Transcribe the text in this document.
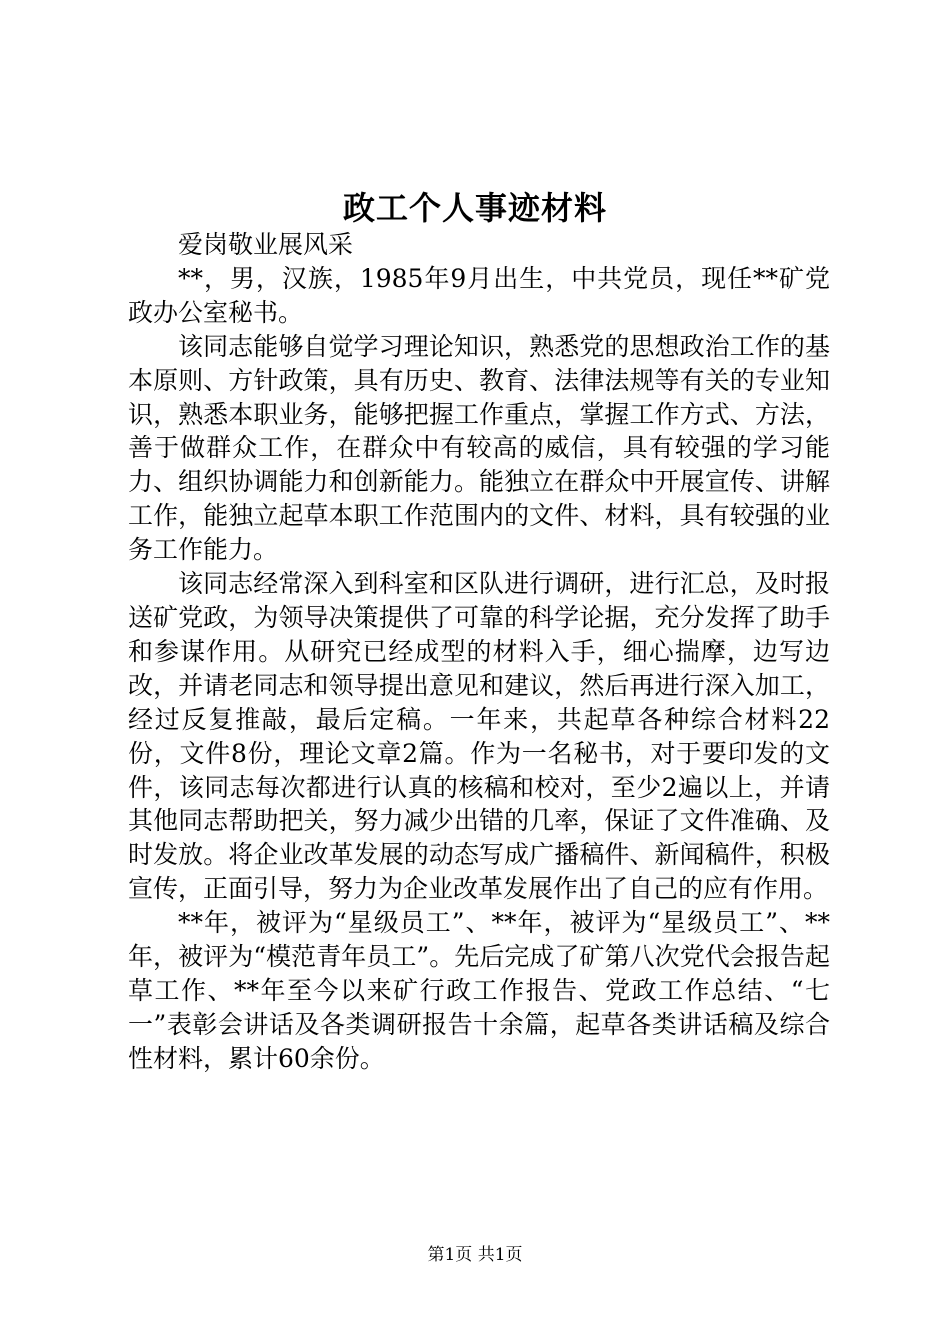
政工个人事迹材料

爱岗敬业展风采

**，男，汉族，1985年9月出生，中共党员，现任**矿党政办公室秘书。

该同志能够自觉学习理论知识，熟悉党的思想政治工作的基本原则、方针政策，具有历史、教育、法律法规等有关的专业知识，熟悉本职业务，能够把握工作重点，掌握工作方式、方法，善于做群众工作，在群众中有较高的威信，具有较强的学习能力、组织协调能力和创新能力。能独立在群众中开展宣传、讲解工作，能独立起草本职工作范围内的文件、材料，具有较强的业务工作能力。

该同志经常深入到科室和区队进行调研，进行汇总，及时报送矿党政，为领导决策提供了可靠的科学论据，充分发挥了助手和参谋作用。从研究已经成型的材料入手，细心揣摩，边写边改，并请老同志和领导提出意见和建议，然后再进行深入加工，经过反复推敲，最后定稿。一年来，共起草各种综合材料22份，文件8份，理论文章2篇。作为一名秘书，对于要印发的文件，该同志每次都进行认真的核稿和校对，至少2遍以上，并请其他同志帮助把关，努力减少出错的几率，保证了文件准确、及时发放。将企业改革发展的动态写成广播稿件、新闻稿件，积极宣传，正面引导，努力为企业改革发展作出了自己的应有作用。

**年，被评为“星级员工”、**年，被评为“星级员工”、**年，被评为“模范青年员工”。先后完成了矿第八次党代会报告起草工作、**年至今以来矿行政工作报告、党政工作总结、“七一”表彰会讲话及各类调研报告十余篇，起草各类讲话稿及综合性材料，累计60余份。

第1页 共1页
